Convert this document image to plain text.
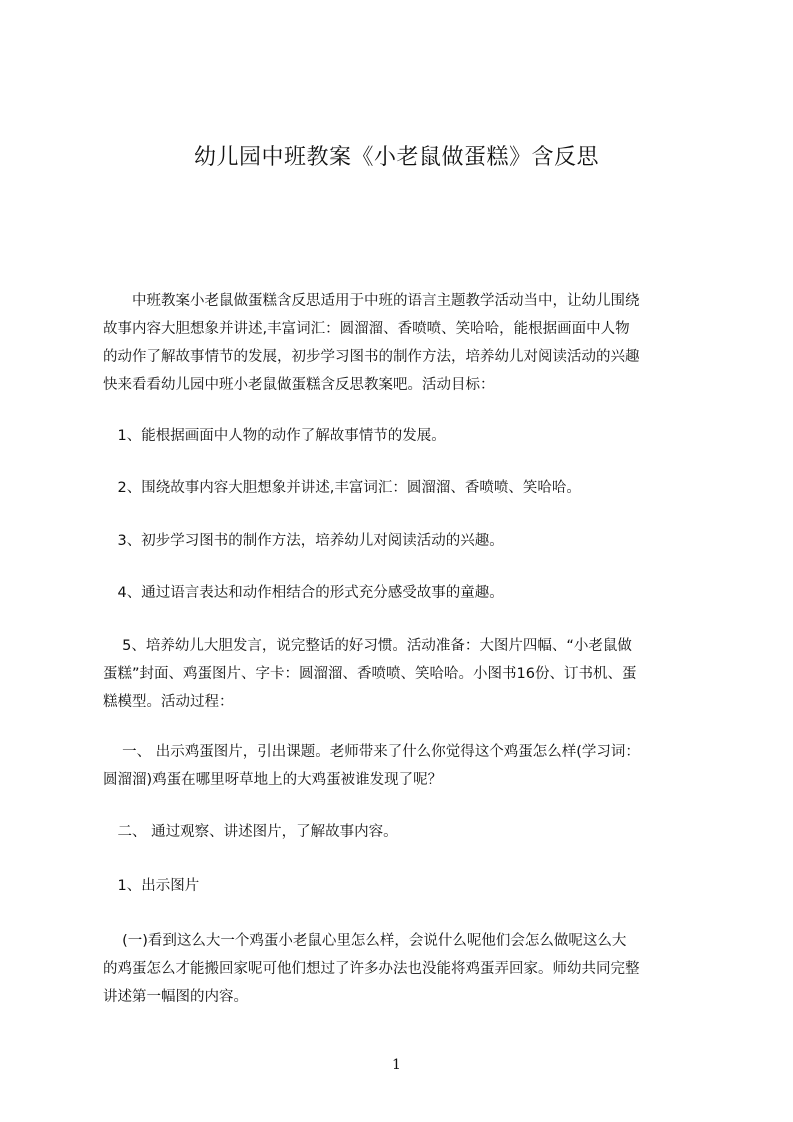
幼儿园中班教案《小老鼠做蛋糕》含反思
　　中班教案小老鼠做蛋糕含反思适用于中班的语言主题教学活动当中，让幼儿围绕
故事内容大胆想象并讲述,丰富词汇：圆溜溜、香喷喷、笑哈哈，能根据画面中人物
的动作了解故事情节的发展，初步学习图书的制作方法，培养幼儿对阅读活动的兴趣
快来看看幼儿园中班小老鼠做蛋糕含反思教案吧。活动目标：

　1、能根据画面中人物的动作了解故事情节的发展。

　2、围绕故事内容大胆想象并讲述,丰富词汇：圆溜溜、香喷喷、笑哈哈。

　3、初步学习图书的制作方法，培养幼儿对阅读活动的兴趣。

　4、通过语言表达和动作相结合的形式充分感受故事的童趣。

　 5、培养幼儿大胆发言，说完整话的好习惯。活动准备：大图片四幅、“小老鼠做
蛋糕”封面、鸡蛋图片、字卡：圆溜溜、香喷喷、笑哈哈。小图书16份、订书机、蛋
糕模型。活动过程：
　 一、 出示鸡蛋图片，引出课题。老师带来了什么你觉得这个鸡蛋怎么样(学习词：
圆溜溜)鸡蛋在哪里呀草地上的大鸡蛋被谁发现了呢？

　二、 通过观察、讲述图片，了解故事内容。

　1、出示图片

　 (一)看到这么大一个鸡蛋小老鼠心里怎么样，会说什么呢他们会怎么做呢这么大
的鸡蛋怎么才能搬回家呢可他们想过了许多办法也没能将鸡蛋弄回家。师幼共同完整
讲述第一幅图的内容。
1
